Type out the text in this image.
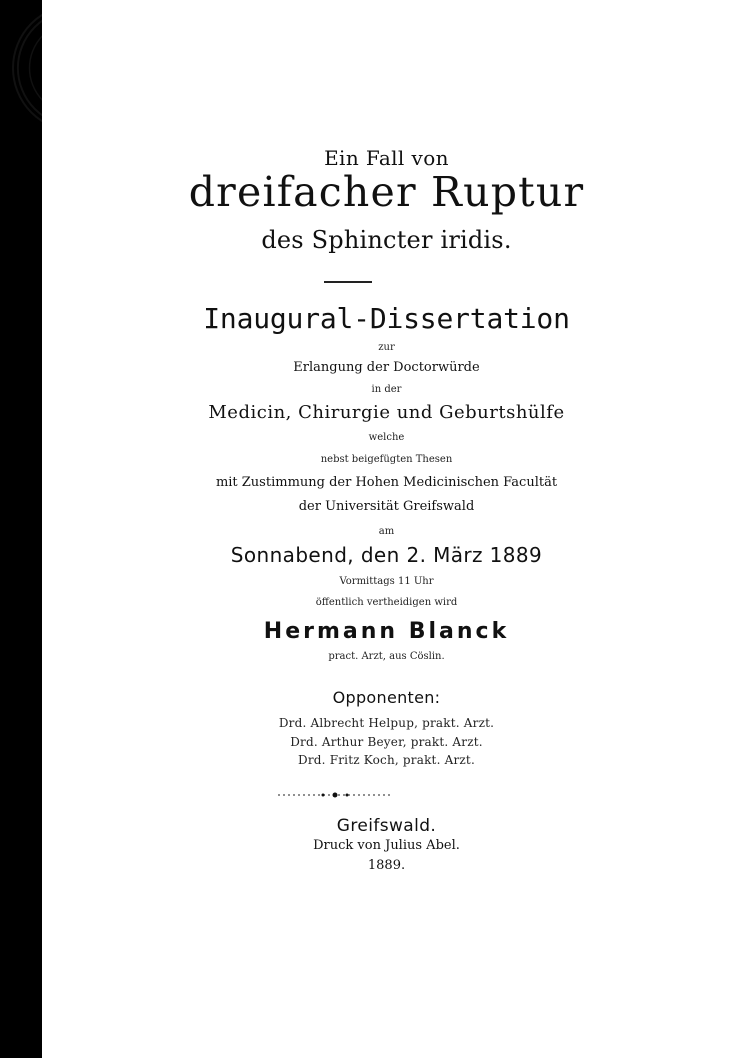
Ein Fall von
dreifacher Ruptur
des Sphincter iridis.
Inaugural-Dissertation
zur
Erlangung der Doctorwürde
in der
Medicin, Chirurgie und Geburtshülfe
welche
nebst beigefügten Thesen
mit Zustimmung der Hohen Medicinischen Facultät
der Universität Greifswald
am
Sonnabend, den 2. März 1889
Vormittags 11 Uhr
öffentlich vertheidigen wird
Hermann Blanck
pract. Arzt, aus Cöslin.
Opponenten:
Drd. Albrecht Helpup, prakt. Arzt.
Drd. Arthur Beyer, prakt. Arzt.
Drd. Fritz Koch, prakt. Arzt.
Greifswald.
Druck von Julius Abel.
1889.
